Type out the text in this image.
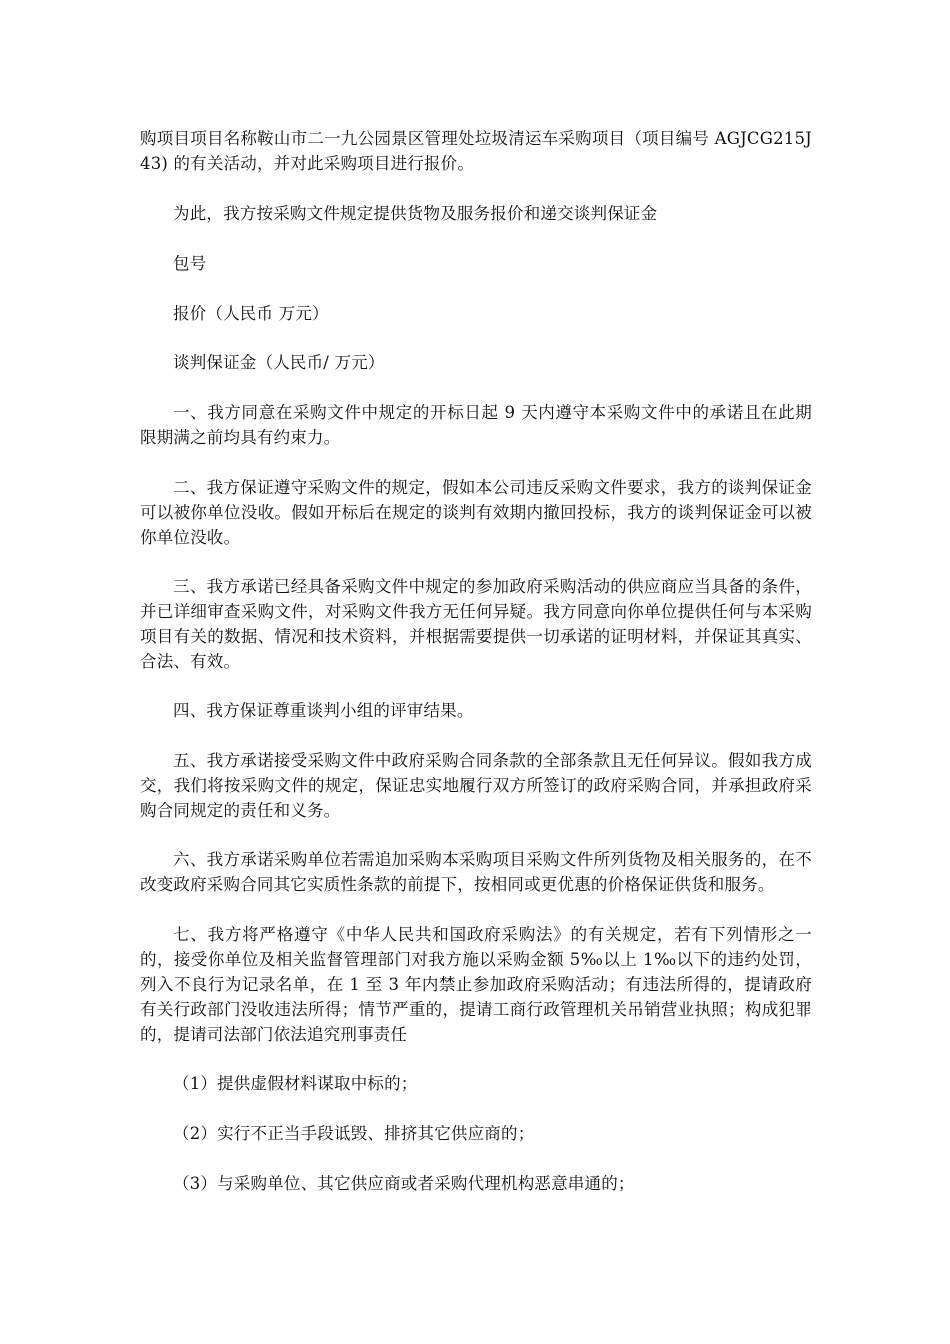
购项目项目名称鞍山市二一九公园景区管理处垃圾清运车采购项目（项目编号 AGJCG215J43) 的有关活动，并对此采购项目进行报价。

为此，我方按采购文件规定提供货物及服务报价和递交谈判保证金

包号

报价（人民币 万元）

谈判保证金（人民币/ 万元）

一、我方同意在采购文件中规定的开标日起 9 天内遵守本采购文件中的承诺且在此期限期满之前均具有约束力。

二、我方保证遵守采购文件的规定，假如本公司违反采购文件要求，我方的谈判保证金可以被你单位没收。假如开标后在规定的谈判有效期内撤回投标，我方的谈判保证金可以被你单位没收。

三、我方承诺已经具备采购文件中规定的参加政府采购活动的供应商应当具备的条件，并已详细审查采购文件，对采购文件我方无任何异疑。我方同意向你单位提供任何与本采购项目有关的数据、情况和技术资料，并根据需要提供一切承诺的证明材料，并保证其真实、合法、有效。

四、我方保证尊重谈判小组的评审结果。

五、我方承诺接受采购文件中政府采购合同条款的全部条款且无任何异议。假如我方成交，我们将按采购文件的规定，保证忠实地履行双方所签订的政府采购合同，并承担政府采购合同规定的责任和义务。

六、我方承诺采购单位若需追加采购本采购项目采购文件所列货物及相关服务的，在不改变政府采购合同其它实质性条款的前提下，按相同或更优惠的价格保证供货和服务。

七、我方将严格遵守《中华人民共和国政府采购法》的有关规定，若有下列情形之一的，接受你单位及相关监督管理部门对我方施以采购金额 5‰以上 1‰以下的违约处罚，列入不良行为记录名单，在 1 至 3 年内禁止参加政府采购活动；有违法所得的，提请政府有关行政部门没收违法所得；情节严重的，提请工商行政管理机关吊销营业执照；构成犯罪的，提请司法部门依法追究刑事责任

（1）提供虚假材料谋取中标的；

（2）实行不正当手段诋毁、排挤其它供应商的；

（3）与采购单位、其它供应商或者采购代理机构恶意串通的；
